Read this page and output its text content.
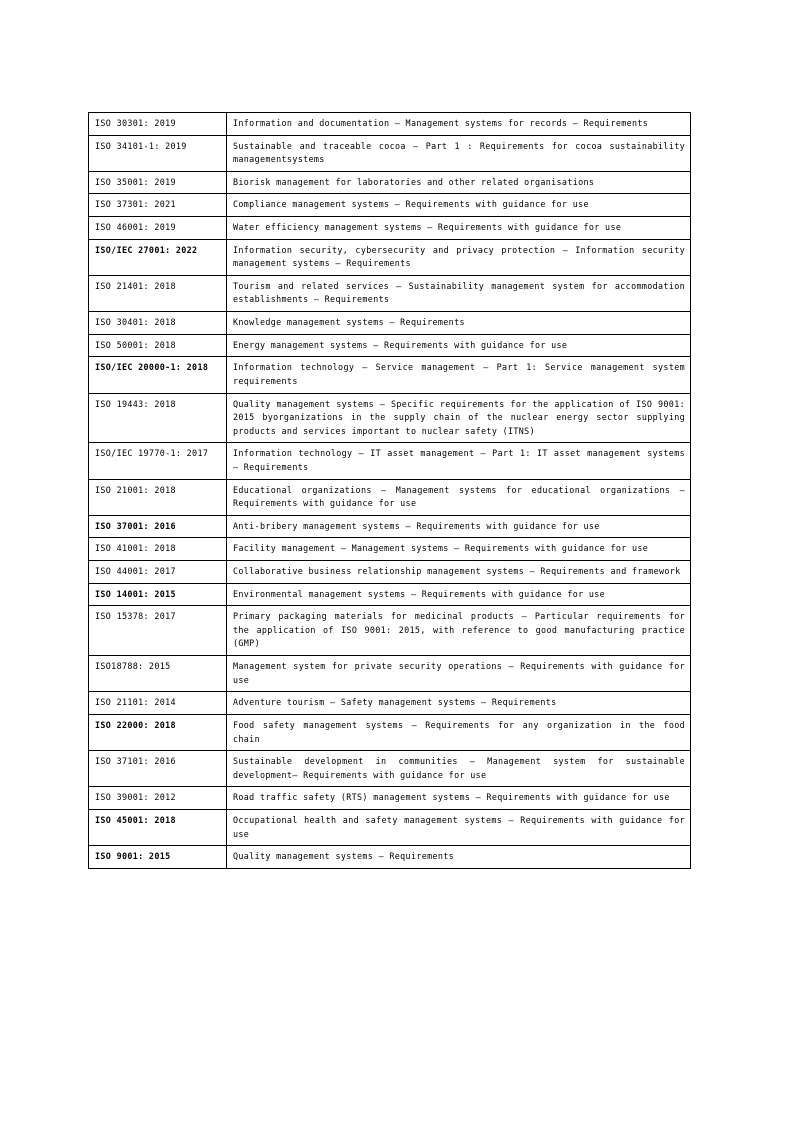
ISO 30301: 2019	Information and documentation — Management systems for records — Requirements
ISO 34101-1: 2019	Sustainable and traceable cocoa — Part 1 : Requirements for cocoa sustainability managementsystems
ISO 35001: 2019	Biorisk management for laboratories and other related organisations
ISO 37301: 2021	Compliance management systems — Requirements with guidance for use
ISO 46001: 2019	Water efficiency management systems — Requirements with guidance for use
ISO/IEC 27001: 2022	Information security, cybersecurity and privacy protection — Information security management systems — Requirements
ISO 21401: 2018	Tourism and related services — Sustainability management system for accommodation establishments — Requirements
ISO 30401: 2018	Knowledge management systems — Requirements
ISO 50001: 2018	Energy management systems — Requirements with guidance for use
ISO/IEC 20000-1: 2018	Information technology — Service management — Part 1: Service management system requirements
ISO 19443: 2018	Quality management systems — Specific requirements for the application of ISO 9001: 2015 byorganizations in the supply chain of the nuclear energy sector supplying products and services important to nuclear safety (ITNS)
ISO/IEC 19770-1: 2017	Information technology — IT asset management — Part 1: IT asset management systems — Requirements
ISO 21001: 2018	Educational organizations — Management systems for educational organizations — Requirements with guidance for use
ISO 37001: 2016	Anti-bribery management systems — Requirements with guidance for use
ISO 41001: 2018	Facility management — Management systems — Requirements with guidance for use
ISO 44001: 2017	Collaborative business relationship management systems — Requirements and framework
ISO 14001: 2015	Environmental management systems — Requirements with guidance for use
ISO 15378: 2017	Primary packaging materials for medicinal products — Particular requirements for the application of ISO 9001: 2015, with reference to good manufacturing practice (GMP)
ISO18788: 2015	Management system for private security operations — Requirements with guidance for use
ISO 21101: 2014	Adventure tourism — Safety management systems — Requirements
ISO 22000: 2018	Food safety management systems — Requirements for any organization in the food chain
ISO 37101: 2016	Sustainable development in communities — Management system for sustainable development— Requirements with guidance for use
ISO 39001: 2012	Road traffic safety (RTS) management systems — Requirements with guidance for use
ISO 45001: 2018	Occupational health and safety management systems — Requirements with guidance for use
ISO 9001: 2015	Quality management systems — Requirements
